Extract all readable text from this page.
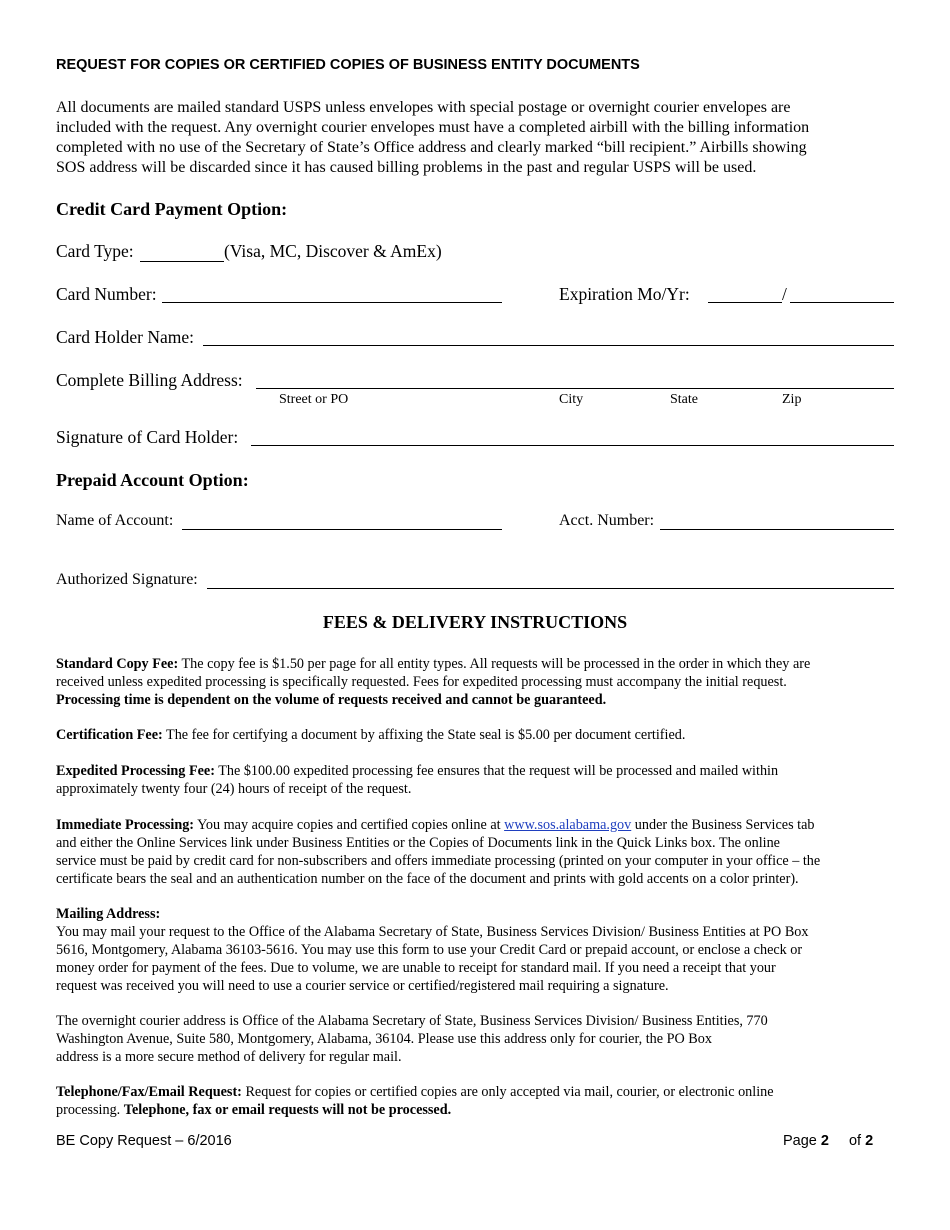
REQUEST FOR COPIES OR CERTIFIED COPIES OF BUSINESS ENTITY DOCUMENTS
All documents are mailed standard USPS unless envelopes with special postage or overnight courier envelopes are
included with the request. Any overnight courier envelopes must have a completed airbill with the billing information
completed with no use of the Secretary of State’s Office address and clearly marked “bill recipient.” Airbills showing
SOS address will be discarded since it has caused billing problems in the past and regular USPS will be used.
Credit Card Payment Option:
Card Type:	(Visa, MC, Discover & AmEx)
Card Number:	Expiration Mo/Yr:	/
Card Holder Name:
Complete Billing Address:
Street or PO	City	State	Zip
Signature of Card Holder:
Prepaid Account Option:
Name of Account:	Acct. Number:
Authorized Signature:
FEES & DELIVERY INSTRUCTIONS
Standard Copy Fee: The copy fee is $1.50 per page for all entity types. All requests will be processed in the order in which they are
received unless expedited processing is specifically requested. Fees for expedited processing must accompany the initial request.
Processing time is dependent on the volume of requests received and cannot be guaranteed.
Certification Fee: The fee for certifying a document by affixing the State seal is $5.00 per document certified.
Expedited Processing Fee: The $100.00 expedited processing fee ensures that the request will be processed and mailed within
approximately twenty four (24) hours of receipt of the request.
Immediate Processing: You may acquire copies and certified copies online at www.sos.alabama.gov under the Business Services tab
and either the Online Services link under Business Entities or the Copies of Documents link in the Quick Links box. The online
service must be paid by credit card for non-subscribers and offers immediate processing (printed on your computer in your office – the
certificate bears the seal and an authentication number on the face of the document and prints with gold accents on a color printer).
Mailing Address:
You may mail your request to the Office of the Alabama Secretary of State, Business Services Division/ Business Entities at PO Box
5616, Montgomery, Alabama 36103-5616. You may use this form to use your Credit Card or prepaid account, or enclose a check or
money order for payment of the fees. Due to volume, we are unable to receipt for standard mail. If you need a receipt that your
request was received you will need to use a courier service or certified/registered mail requiring a signature.
The overnight courier address is Office of the Alabama Secretary of State, Business Services Division/ Business Entities, 770
Washington Avenue, Suite 580, Montgomery, Alabama, 36104. Please use this address only for courier, the PO Box
address is a more secure method of delivery for regular mail.
Telephone/Fax/Email Request: Request for copies or certified copies are only accepted via mail, courier, or electronic online
processing. Telephone, fax or email requests will not be processed.
BE Copy Request – 6/2016	Page 2 of 2
